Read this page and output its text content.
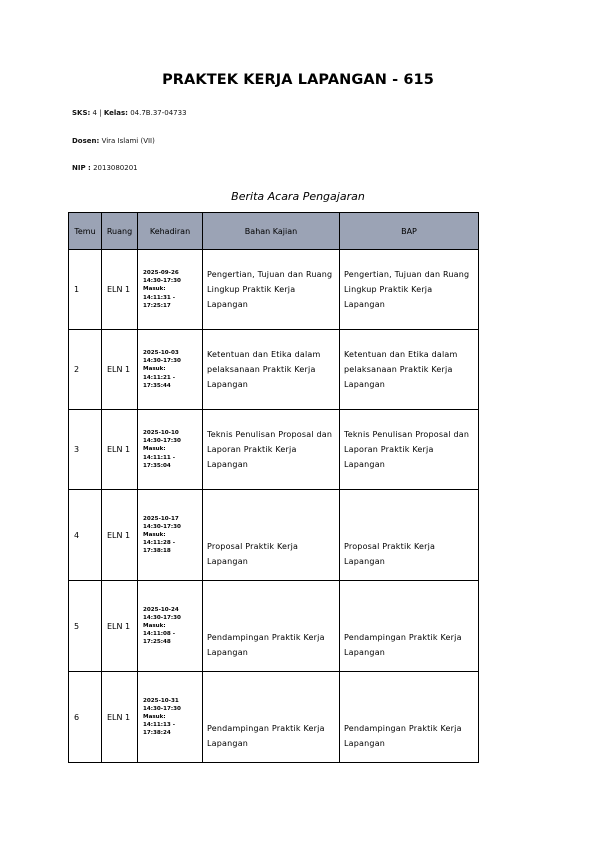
PRAKTEK KERJA LAPANGAN - 615
SKS: 4 | Kelas: 04.7B.37-04733
Dosen: Vira Islami (VII)
NIP : 2013080201
Berita Acara Pengajaran
Temu	Ruang	Kehadiran	Bahan Kajian	BAP
1	ELN 1	2025-09-26
14:30-17:30
Masuk:
14:11:31 -
17:25:17	Pengertian, Tujuan dan Ruang Lingkup Praktik Kerja Lapangan	Pengertian, Tujuan dan Ruang Lingkup Praktik Kerja Lapangan
2	ELN 1	2025-10-03
14:30-17:30
Masuk:
14:11:21 -
17:35:44	Ketentuan dan Etika dalam pelaksanaan Praktik Kerja Lapangan	Ketentuan dan Etika dalam pelaksanaan Praktik Kerja Lapangan
3	ELN 1	2025-10-10
14:30-17:30
Masuk:
14:11:11 -
17:35:04	Teknis Penulisan Proposal dan Laporan Praktik Kerja Lapangan	Teknis Penulisan Proposal dan Laporan Praktik Kerja Lapangan
4	ELN 1	2025-10-17
14:30-17:30
Masuk:
14:11:28 -
17:38:18	Proposal Praktik Kerja Lapangan	Proposal Praktik Kerja Lapangan
5	ELN 1	2025-10-24
14:30-17:30
Masuk:
14:11:08 -
17:25:48	Pendampingan Praktik Kerja Lapangan	Pendampingan Praktik Kerja Lapangan
6	ELN 1	2025-10-31
14:30-17:30
Masuk:
14:11:13 -
17:38:24	Pendampingan Praktik Kerja Lapangan	Pendampingan Praktik Kerja Lapangan
